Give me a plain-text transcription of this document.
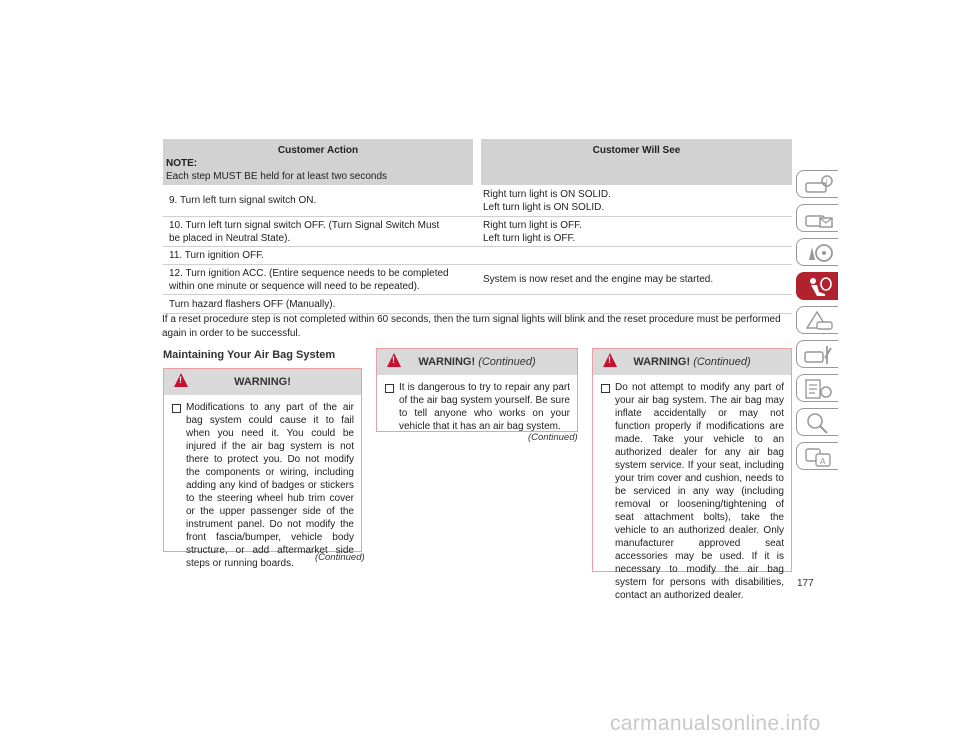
Customer Action
NOTE:
Each step MUST BE held for at least two seconds
Customer Will See
9. Turn left turn signal switch ON.
Right turn light is ON SOLID.
Left turn light is ON SOLID.
10. Turn left turn signal switch OFF. (Turn Signal Switch Must
be placed in Neutral State).
Right turn light is OFF.
Left turn light is OFF.
11. Turn ignition OFF.
12. Turn ignition ACC. (Entire sequence needs to be completed
within one minute or sequence will need to be repeated).
System is now reset and the engine may be started.
Turn hazard flashers OFF (Manually).
If a reset procedure step is not completed within 60 seconds, then the turn signal lights will blink and the reset procedure must be performed again in order to be successful.
Maintaining Your Air Bag System
!
WARNING!
Modifications to any part of the air bag system could cause it to fail when you need it. You could be injured if the air bag system is not there to protect you. Do not modify the components or wiring, including adding any kind of badges or stickers to the steering wheel hub trim cover or the upper passenger side of the instrument panel. Do not modify the front fascia/bumper, vehicle body structure, or add aftermarket side steps or running boards.
(Continued)
!
WARNING! (Continued)
It is dangerous to try to repair any part of the air bag system yourself. Be sure to tell anyone who works on your vehicle that it has an air bag system.
(Continued)
!
WARNING! (Continued)
Do not attempt to modify any part of your air bag system. The air bag may inflate accidentally or may not function properly if modifications are made. Take your vehicle to an authorized dealer for any air bag system service. If your seat, including your trim cover and cushion, needs to be serviced in any way (including removal or loosening/tightening of seat attachment bolts), take the vehicle to an authorized dealer. Only manufacturer approved seat accessories may be used. If it is necessary to modify the air bag system for persons with disabilities, contact an authorized dealer.
177
i
A
carmanualsonline.info
